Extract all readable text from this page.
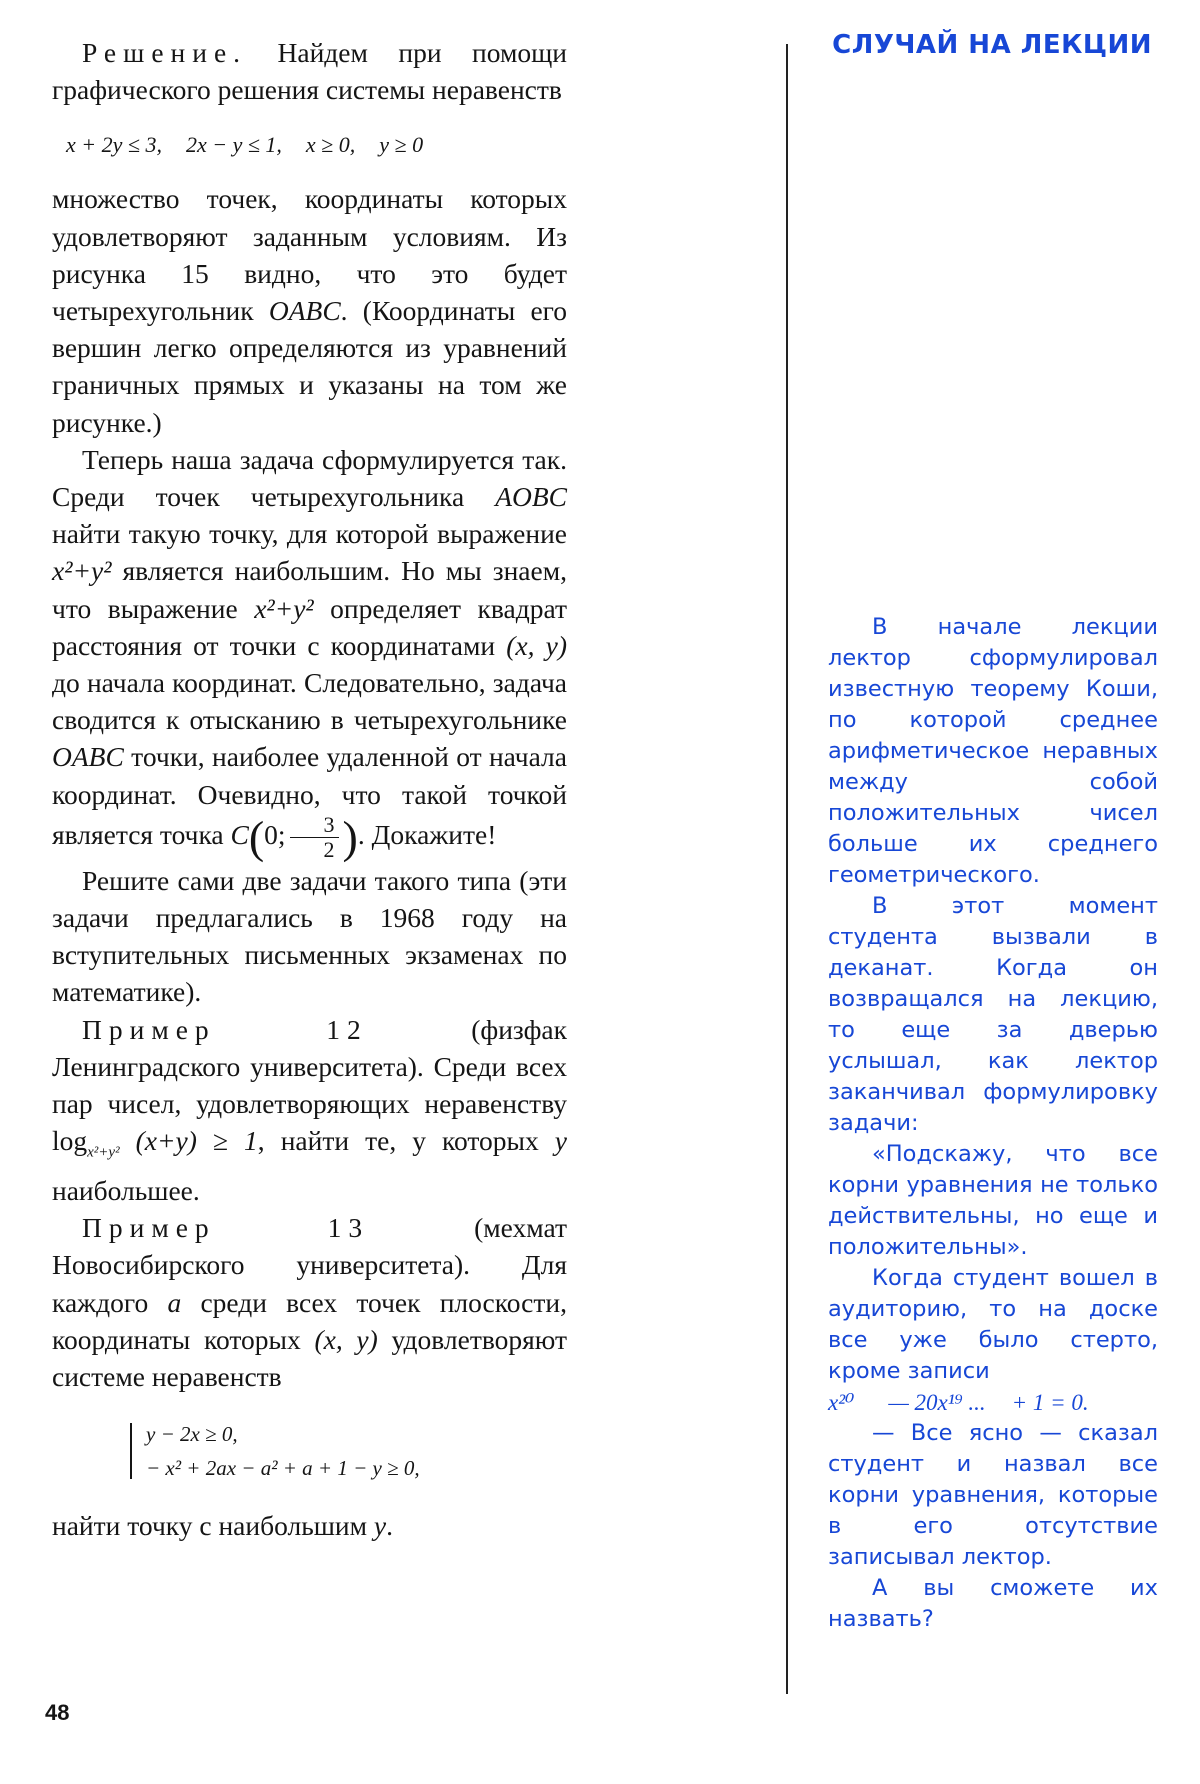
Решение. Найдем при помощи графического решения системы неравенств

x + 2y ≤ 3, 2x − y ≤ 1, x ≥ 0, y ≥ 0

множество точек, координаты которых удовлетворяют заданным условиям. Из рисунка 15 видно, что это будет четырехугольник OABC. (Координаты его вершин легко определяются из уравнений граничных прямых и указаны на том же рисунке.)

Теперь наша задача сформулируется так. Среди точек четырехугольника AOBC найти такую точку, для которой выражение x²+y² является наибольшим. Но мы знаем, что выражение x²+y² определяет квадрат расстояния от точки с координатами (x, y) до начала координат. Следовательно, задача сводится к отысканию в четырехугольнике OABC точки, наиболее удаленной от начала координат. Очевидно, что такой точкой является точка C(0; $\frac{3}{2}$ ). Докажите!

Решите сами две задачи такого типа (эти задачи предлагались в 1968 году на вступительных письменных экзаменах по математике).

Пример 12 (физфак Ленинградского университета). Среди всех пар чисел, удовлетворяющих неравенству $\log_{x^2+y^2} (x+y) \ge 1$, найти те, у которых y наибольшее.

Пример 13 (мехмат Новосибирского университета). Для каждого a среди всех точек плоскости, координаты которых (x, y) удовлетворяют системе неравенств

y − 2x ≥ 0,
− x² + 2ax − a² + a + 1 − y ≥ 0,

найти точку с наибольшим y.

48
СЛУЧАЙ НА ЛЕКЦИИ

В начале лекции лектор сформулировал известную теорему Коши, по которой среднее арифметическое неравных между собой положительных чисел больше их среднего геометрического.

В этот момент студента вызвали в деканат. Когда он возвращался на лекцию, то еще за дверью услышал, как лектор заканчивал формулировку задачи:

«Подскажу, что все корни уравнения не только действительны, но еще и положительны».

Когда студент вошел в аудиторию, то на доске все уже было стерто, кроме записи

x²⁰ — 20x¹⁹ ... + 1 = 0.

— Все ясно — сказал студент и назвал все корни уравнения, которые в его отсутствие записывал лектор.

А вы сможете их назвать?
